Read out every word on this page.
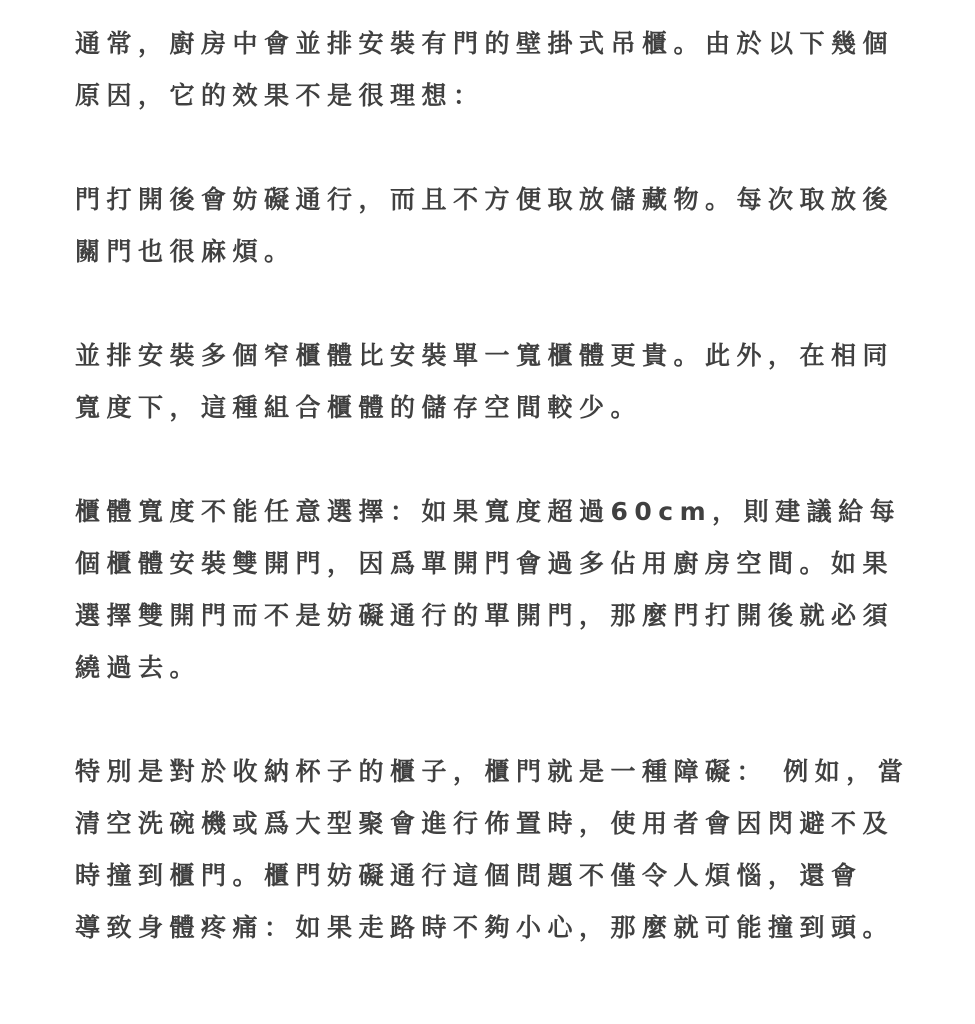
通常，廚房中會並排安裝有門的壁掛式吊櫃。由於以下幾個
原因，它的效果不是很理想：

門打開後會妨礙通行，而且不方便取放儲藏物。每次取放後
關門也很麻煩。

並排安裝多個窄櫃體比安裝單一寬櫃體更貴。此外，在相同
寬度下，這種組合櫃體的儲存空間較少。

櫃體寬度不能任意選擇：如果寬度超過60cm，則建議給每
個櫃體安裝雙開門，因爲單開門會過多佔用廚房空間。如果
選擇雙開門而不是妨礙通行的單開門，那麼門打開後就必須
繞過去。

特別是對於收納杯子的櫃子，櫃門就是一種障礙： 例如，當
清空洗碗機或爲大型聚會進行佈置時，使用者會因閃避不及
時撞到櫃門。櫃門妨礙通行這個問題不僅令人煩惱，還會
導致身體疼痛：如果走路時不夠小心，那麼就可能撞到頭。
